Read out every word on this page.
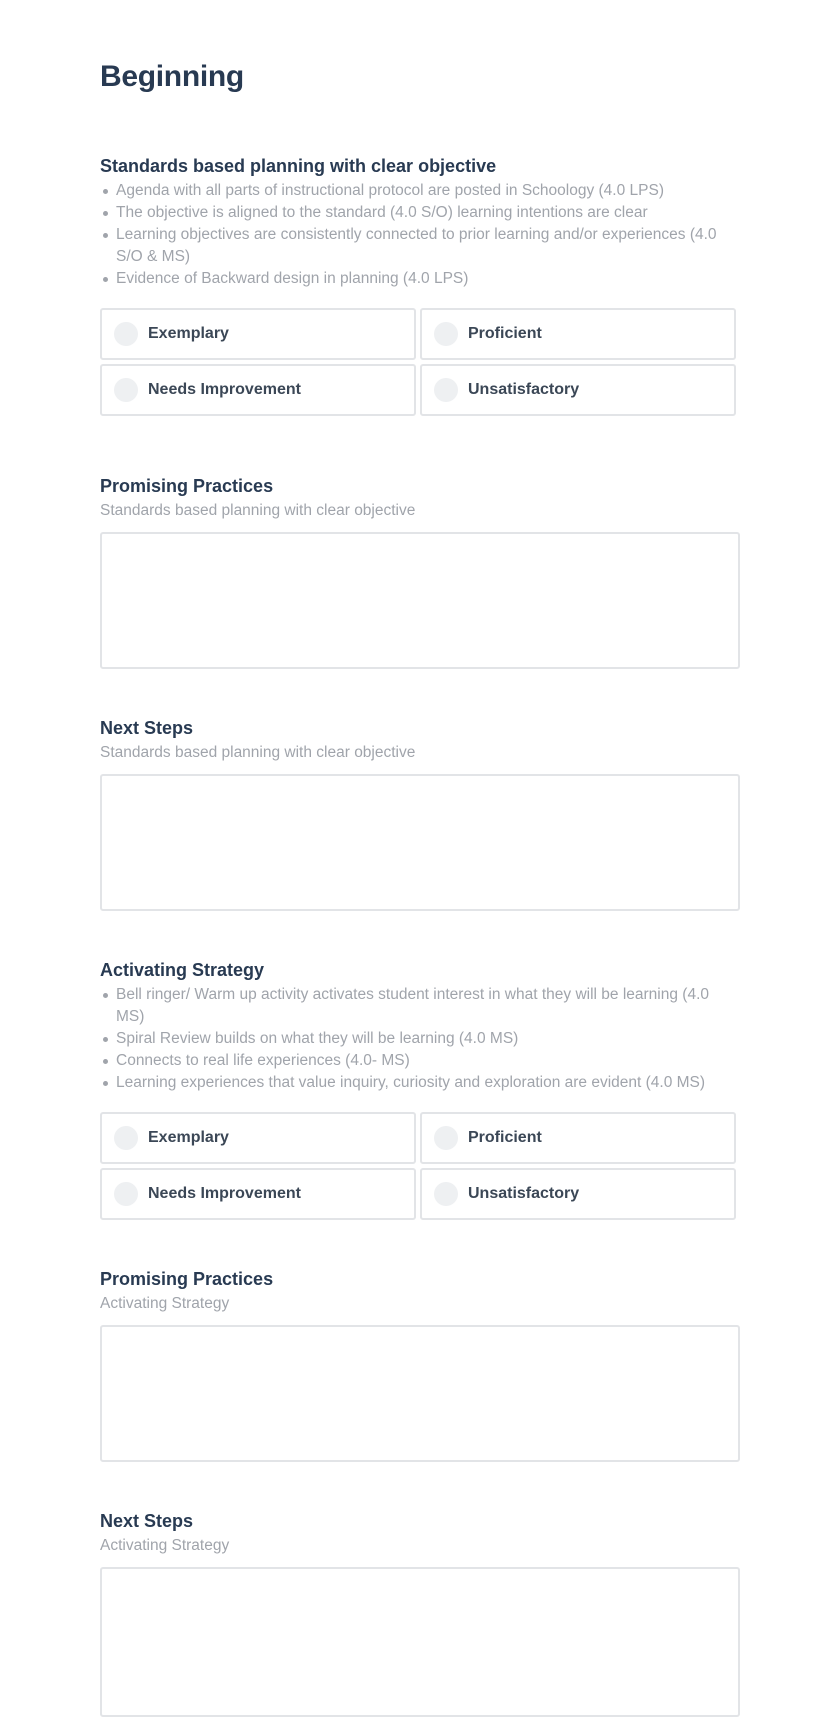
Beginning
Standards based planning with clear objective
Agenda with all parts of instructional protocol are posted in Schoology (4.0 LPS)
The objective is aligned to the standard (4.0 S/O) learning intentions are clear
Learning objectives are consistently connected to prior learning and/or experiences (4.0 S/O & MS)
Evidence of Backward design in planning (4.0 LPS)
Exemplary	Proficient
Needs Improvement	Unsatisfactory
Promising Practices

Standards based planning with clear objective

Next Steps

Standards based planning with clear objective

Activating Strategy
Bell ringer/ Warm up activity activates student interest in what they will be learning (4.0 MS)
Spiral Review builds on what they will be learning (4.0 MS)
Connects to real life experiences (4.0- MS)
Learning experiences that value inquiry, curiosity and exploration are evident (4.0 MS)
Exemplary	Proficient
Needs Improvement	Unsatisfactory
Promising Practices

Activating Strategy

Next Steps

Activating Strategy
